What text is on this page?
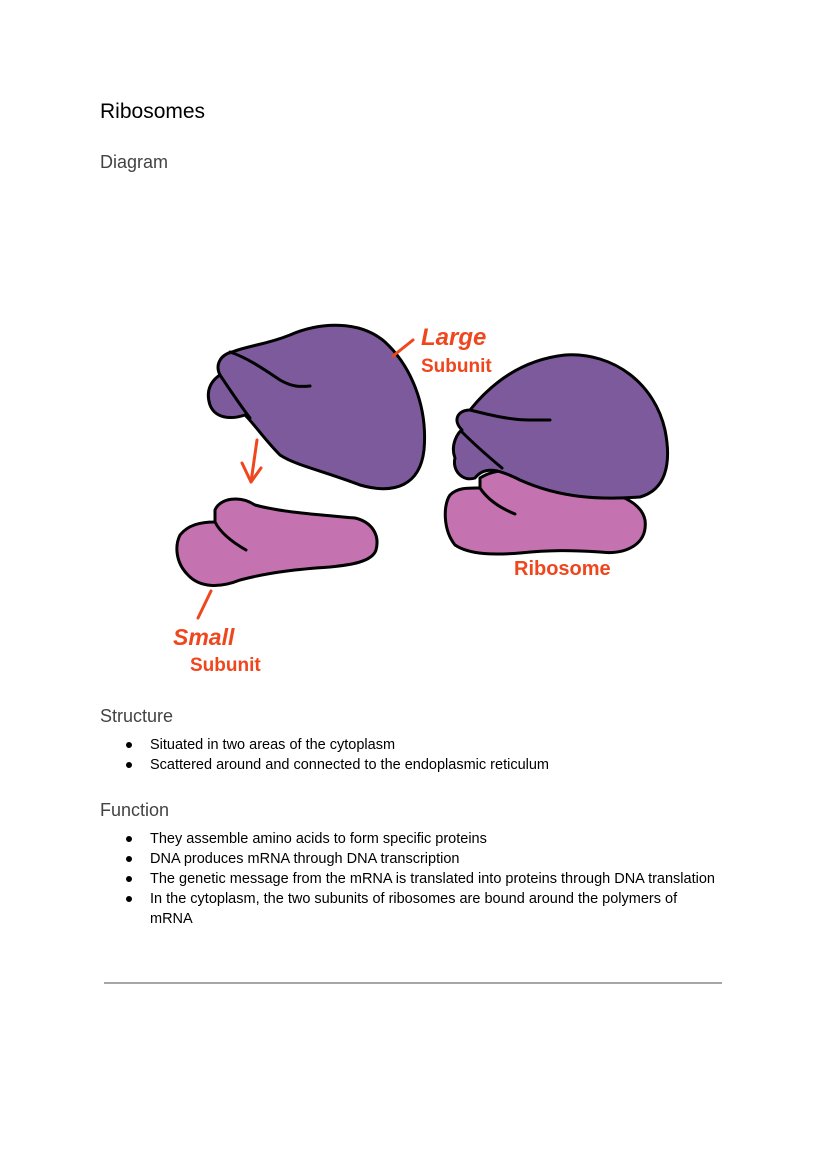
Ribosomes
Diagram
Large
Subunit
Ribosome
Small
Subunit
Structure
Situated in two areas of the cytoplasm
Scattered around and connected to the endoplasmic reticulum
Function
They assemble amino acids to form specific proteins
DNA produces mRNA through DNA transcription
The genetic message from the mRNA is translated into proteins through DNA translation
In the cytoplasm, the two subunits of ribosomes are bound around the polymers of mRNA
